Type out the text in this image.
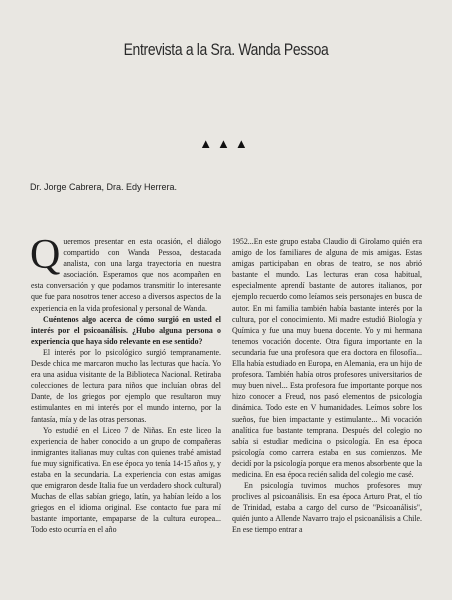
Entrevista a la Sra. Wanda Pessoa
▲▲▲
Dr. Jorge Cabrera, Dra. Edy Herrera.

Queremos presentar en esta ocasión, el diálogo compartido con Wanda Pessoa, destacada analista, con una larga trayectoria en nuestra asociación. Esperamos que nos acompañen en esta conversación y que podamos transmitir lo interesante que fue para nosotros tener acceso a diversos aspectos de la experiencia en la vida profesional y personal de Wanda.

Cuéntenos algo acerca de cómo surgió en usted el interés por el psicoanálisis. ¿Hubo alguna persona o experiencia que haya sido relevante en ese sentido?

El interés por lo psicológico surgió tempranamente. Desde chica me marcaron mucho las lecturas que hacía. Yo era una asidua visitante de la Biblioteca Nacional. Retiraba colecciones de lectura para niños que incluían obras del Dante, de los griegos por ejemplo que resultaron muy estimulantes en mi interés por el mundo interno, por la fantasía, mía y de las otras personas.

Yo estudié en el Liceo 7 de Niñas. En este liceo la experiencia de haber conocido a un grupo de compañeras inmigrantes italianas muy cultas con quienes trabé amistad fue muy significativa. En ese época yo tenía 14-15 años y, y estaba en la secundaria. La experiencia con estas amigas que emigraron desde Italia fue un verdadero shock cultural) Muchas de ellas sabían griego, latín, ya habían leído a los griegos en el idioma original. Ese contacto fue para mí bastante importante, empaparse de la cultura europea... Todo esto ocurría en el año

1952...En este grupo estaba Claudio di Girolamo quién era amigo de los familiares de alguna de mis amigas. Estas amigas participaban en obras de teatro, se nos abrió bastante el mundo. Las lecturas eran cosa habitual, especialmente aprendí bastante de autores italianos, por ejemplo recuerdo como leíamos seis personajes en busca de autor. En mi familia también había bastante interés por la cultura, por el conocimiento. Mi madre estudió Biología y Química y fue una muy buena docente. Yo y mi hermana tenemos vocación docente. Otra figura importante en la secundaria fue una profesora que era doctora en filosofía... Ella había estudiado en Europa, en Alemania, era un hijo de profesora. También había otros profesores universitarios de muy buen nivel... Esta profesora fue importante porque nos hizo conocer a Freud, nos pasó elementos de psicología dinámica. Todo este en V humanidades. Leímos sobre los sueños, fue bien impactante y estimulante... Mi vocación analítica fue bastante temprana. Después del colegio no sabía si estudiar medicina o psicología. En esa época psicología como carrera estaba en sus comienzos. Me decidí por la psicología porque era menos absorbente que la medicina. En esa época recién salida del colegio me casé.

En psicología tuvimos muchos profesores muy proclives al psicoanálisis. En esa época Arturo Prat, el tío de Trinidad, estaba a cargo del curso de "Psicoanálisis", quién junto a Allende Navarro trajo el psicoanálisis a Chile. En ese tiempo entrar a
